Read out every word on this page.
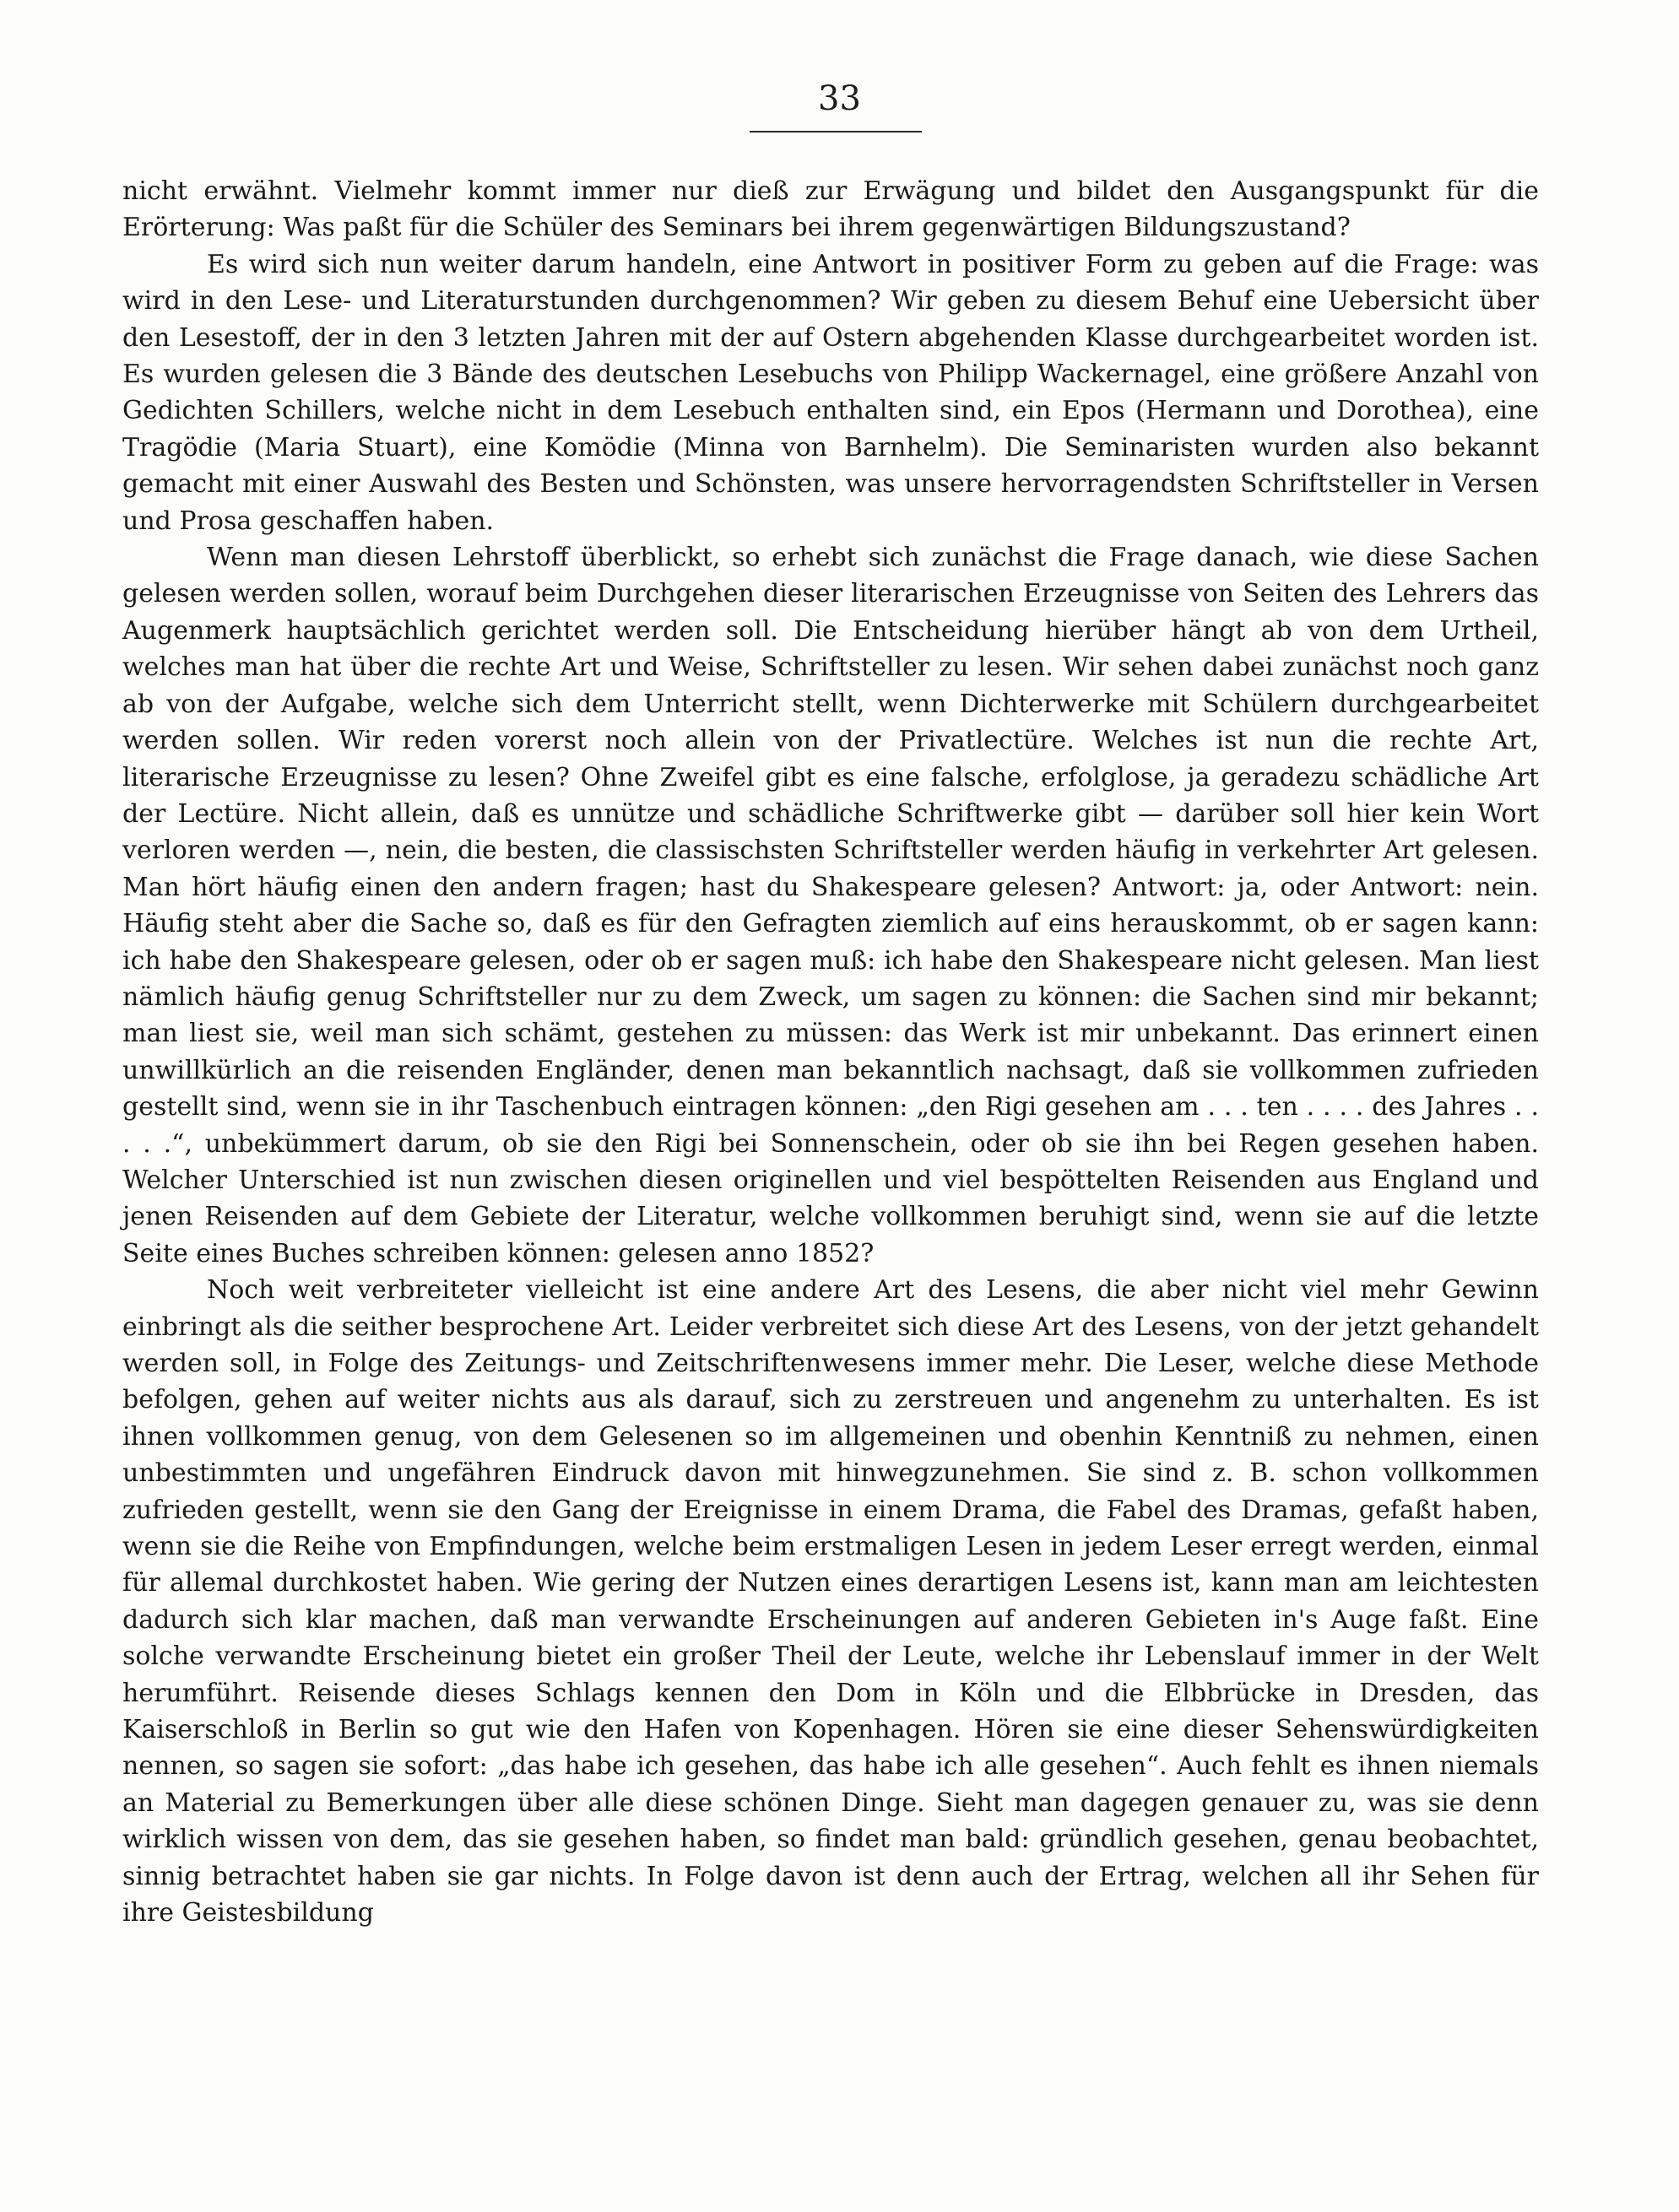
33

nicht erwähnt. Vielmehr kommt immer nur dieß zur Erwägung und bildet den Ausgangspunkt für die Erörterung: Was paßt für die Schüler des Seminars bei ihrem gegenwärtigen Bildungszustand?

Es wird sich nun weiter darum handeln, eine Antwort in positiver Form zu geben auf die Frage: was wird in den Lese- und Literaturstunden durchgenommen? Wir geben zu diesem Behuf eine Uebersicht über den Lesestoff, der in den 3 letzten Jahren mit der auf Ostern abgehenden Klasse durchgearbeitet worden ist. Es wurden gelesen die 3 Bände des deutschen Lesebuchs von Philipp Wackernagel, eine größere Anzahl von Gedichten Schillers, welche nicht in dem Lesebuch enthalten sind, ein Epos (Hermann und Dorothea), eine Tragödie (Maria Stuart), eine Komödie (Minna von Barnhelm). Die Seminaristen wurden also bekannt gemacht mit einer Auswahl des Besten und Schönsten, was unsere hervorragendsten Schriftsteller in Versen und Prosa geschaffen haben.

Wenn man diesen Lehrstoff überblickt, so erhebt sich zunächst die Frage danach, wie diese Sachen gelesen werden sollen, worauf beim Durchgehen dieser literarischen Erzeugnisse von Seiten des Lehrers das Augenmerk hauptsächlich gerichtet werden soll. Die Entscheidung hierüber hängt ab von dem Urtheil, welches man hat über die rechte Art und Weise, Schriftsteller zu lesen. Wir sehen dabei zunächst noch ganz ab von der Aufgabe, welche sich dem Unterricht stellt, wenn Dichterwerke mit Schülern durchgearbeitet werden sollen. Wir reden vorerst noch allein von der Privatlectüre. Welches ist nun die rechte Art, literarische Erzeugnisse zu lesen? Ohne Zweifel gibt es eine falsche, erfolglose, ja geradezu schädliche Art der Lectüre. Nicht allein, daß es unnütze und schädliche Schriftwerke gibt — darüber soll hier kein Wort verloren werden —, nein, die besten, die classischsten Schriftsteller werden häufig in verkehrter Art gelesen. Man hört häufig einen den andern fragen; hast du Shakespeare gelesen? Antwort: ja, oder Antwort: nein. Häufig steht aber die Sache so, daß es für den Gefragten ziemlich auf eins herauskommt, ob er sagen kann: ich habe den Shakespeare gelesen, oder ob er sagen muß: ich habe den Shakespeare nicht gelesen. Man liest nämlich häufig genug Schriftsteller nur zu dem Zweck, um sagen zu können: die Sachen sind mir bekannt; man liest sie, weil man sich schämt, gestehen zu müssen: das Werk ist mir unbekannt. Das erinnert einen unwillkürlich an die reisenden Engländer, denen man bekanntlich nachsagt, daß sie vollkommen zufrieden gestellt sind, wenn sie in ihr Taschenbuch eintragen können: „den Rigi gesehen am . . . ten . . . . des Jahres . . . . .“, unbekümmert darum, ob sie den Rigi bei Sonnenschein, oder ob sie ihn bei Regen gesehen haben. Welcher Unterschied ist nun zwischen diesen originellen und viel bespöttelten Reisenden aus England und jenen Reisenden auf dem Gebiete der Literatur, welche vollkommen beruhigt sind, wenn sie auf die letzte Seite eines Buches schreiben können: gelesen anno 1852?

Noch weit verbreiteter vielleicht ist eine andere Art des Lesens, die aber nicht viel mehr Gewinn einbringt als die seither besprochene Art. Leider verbreitet sich diese Art des Lesens, von der jetzt gehandelt werden soll, in Folge des Zeitungs- und Zeitschriftenwesens immer mehr. Die Leser, welche diese Methode befolgen, gehen auf weiter nichts aus als darauf, sich zu zerstreuen und angenehm zu unterhalten. Es ist ihnen vollkommen genug, von dem Gelesenen so im allgemeinen und obenhin Kenntniß zu nehmen, einen unbestimmten und ungefähren Eindruck davon mit hinwegzunehmen. Sie sind z. B. schon vollkommen zufrieden gestellt, wenn sie den Gang der Ereignisse in einem Drama, die Fabel des Dramas, gefaßt haben, wenn sie die Reihe von Empfindungen, welche beim erstmaligen Lesen in jedem Leser erregt werden, einmal für allemal durchkostet haben. Wie gering der Nutzen eines derartigen Lesens ist, kann man am leichtesten dadurch sich klar machen, daß man verwandte Erscheinungen auf anderen Gebieten in's Auge faßt. Eine solche verwandte Erscheinung bietet ein großer Theil der Leute, welche ihr Lebenslauf immer in der Welt herumführt. Reisende dieses Schlags kennen den Dom in Köln und die Elbbrücke in Dresden, das Kaiserschloß in Berlin so gut wie den Hafen von Kopenhagen. Hören sie eine dieser Sehenswürdigkeiten nennen, so sagen sie sofort: „das habe ich gesehen, das habe ich alle gesehen“. Auch fehlt es ihnen niemals an Material zu Bemerkungen über alle diese schönen Dinge. Sieht man dagegen genauer zu, was sie denn wirklich wissen von dem, das sie gesehen haben, so findet man bald: gründlich gesehen, genau beobachtet, sinnig betrachtet haben sie gar nichts. In Folge davon ist denn auch der Ertrag, welchen all ihr Sehen für ihre Geistesbildung
